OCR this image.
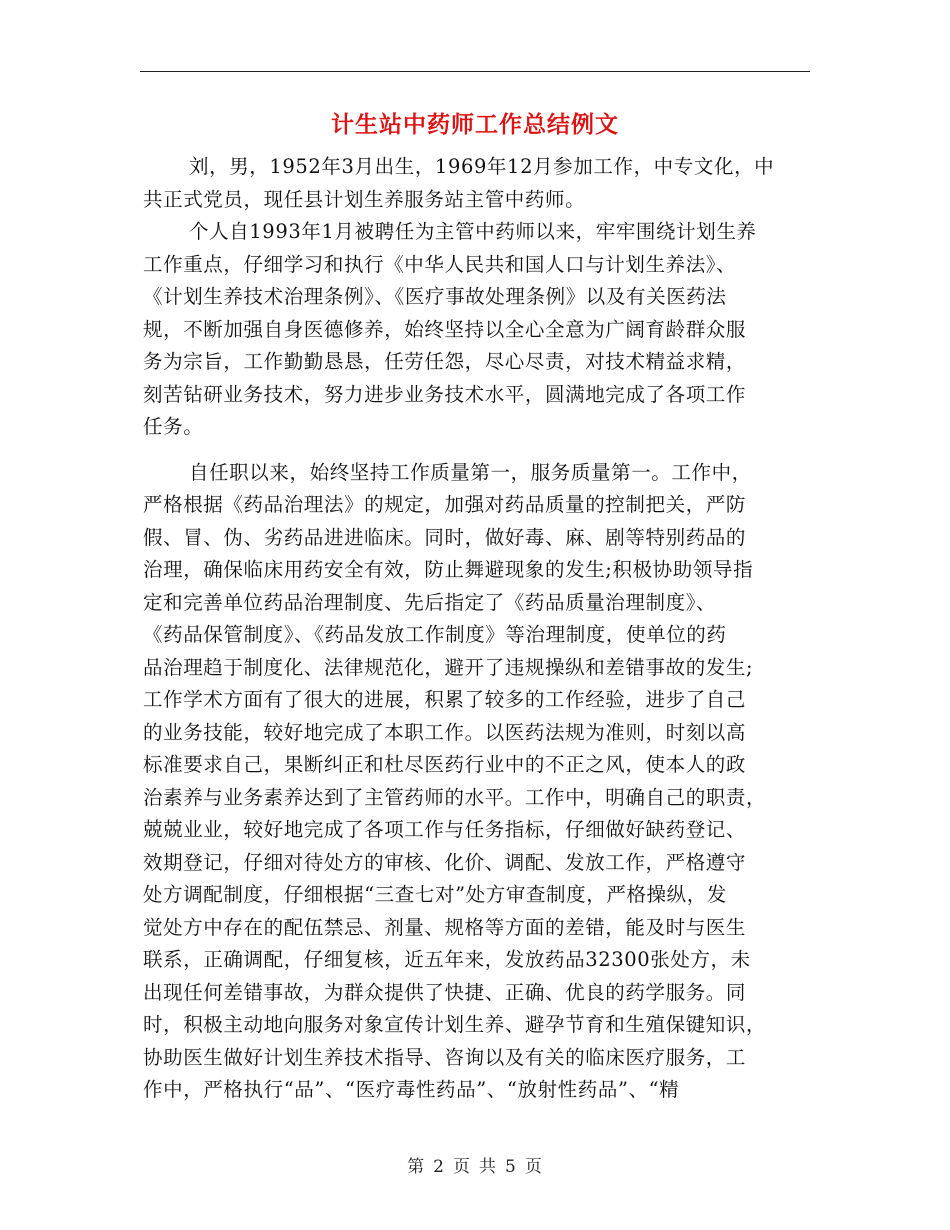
计生站中药师工作总结例文
刘，男，1952年3月出生，1969年12月参加工作，中专文化，中
共正式党员，现任县计划生养服务站主管中药师。
个人自1993年1月被聘任为主管中药师以来，牢牢围绕计划生养
工作重点，仔细学习和执行《中华人民共和国人口与计划生养法》、
《计划生养技术治理条例》、《医疗事故处理条例》以及有关医药法
规，不断加强自身医德修养，始终坚持以全心全意为广阔育龄群众服
务为宗旨，工作勤勤恳恳，任劳任怨，尽心尽责，对技术精益求精，
刻苦钻研业务技术，努力进步业务技术水平，圆满地完成了各项工作
任务。
自任职以来，始终坚持工作质量第一，服务质量第一。工作中，
严格根据《药品治理法》的规定，加强对药品质量的控制把关，严防
假、冒、伪、劣药品进进临床。同时，做好毒、麻、剧等特别药品的
治理，确保临床用药安全有效，防止舞避现象的发生;积极协助领导指
定和完善单位药品治理制度、先后指定了《药品质量治理制度》、
《药品保管制度》、《药品发放工作制度》等治理制度，使单位的药
品治理趋于制度化、法律规范化，避开了违规操纵和差错事故的发生;
工作学术方面有了很大的进展，积累了较多的工作经验，进步了自己
的业务技能，较好地完成了本职工作。以医药法规为准则，时刻以高
标准要求自己，果断纠正和杜尽医药行业中的不正之风，使本人的政
治素养与业务素养达到了主管药师的水平。工作中，明确自己的职责，
兢兢业业，较好地完成了各项工作与任务指标，仔细做好缺药登记、
效期登记，仔细对待处方的审核、化价、调配、发放工作，严格遵守
处方调配制度，仔细根据“三查七对”处方审查制度，严格操纵，发
觉处方中存在的配伍禁忌、剂量、规格等方面的差错，能及时与医生
联系，正确调配，仔细复核，近五年来，发放药品32300张处方，未
出现任何差错事故，为群众提供了快捷、正确、优良的药学服务。同
时，积极主动地向服务对象宣传计划生养、避孕节育和生殖保键知识，
协助医生做好计划生养技术指导、咨询以及有关的临床医疗服务，工
作中，严格执行“品”、“医疗毒性药品”、“放射性药品”、“精
第 2 页 共 5 页
